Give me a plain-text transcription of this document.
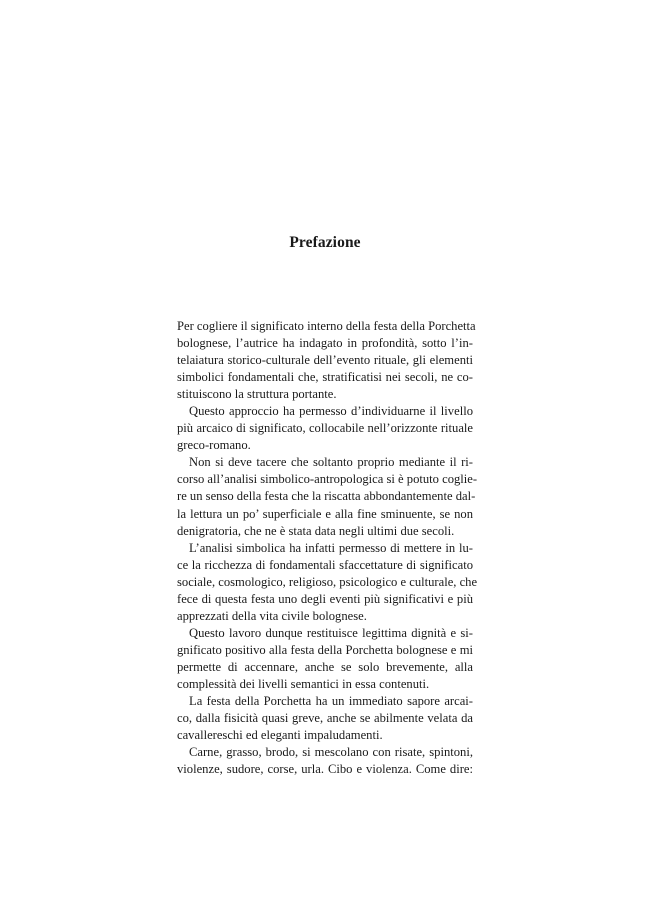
Prefazione
Per cogliere il significato interno della festa della Porchetta
bolognese, l’autrice ha indagato in profondità, sotto l’in-
telaiatura storico-culturale dell’evento rituale, gli elementi
simbolici fondamentali che, stratificatisi nei secoli, ne co-
stituiscono la struttura portante.
Questo approccio ha permesso d’individuarne il livello
più arcaico di significato, collocabile nell’orizzonte rituale
greco-romano.
Non si deve tacere che soltanto proprio mediante il ri-
corso all’analisi simbolico-antropologica si è potuto coglie-
re un senso della festa che la riscatta abbondantemente dal-
la lettura un po’ superficiale e alla fine sminuente, se non
denigratoria, che ne è stata data negli ultimi due secoli.
L’analisi simbolica ha infatti permesso di mettere in lu-
ce la ricchezza di fondamentali sfaccettature di significato
sociale, cosmologico, religioso, psicologico e culturale, che
fece di questa festa uno degli eventi più significativi e più
apprezzati della vita civile bolognese.
Questo lavoro dunque restituisce legittima dignità e si-
gnificato positivo alla festa della Porchetta bolognese e mi
permette di accennare, anche se solo brevemente, alla
complessità dei livelli semantici in essa contenuti.
La festa della Porchetta ha un immediato sapore arcai-
co, dalla fisicità quasi greve, anche se abilmente velata da
cavallereschi ed eleganti impaludamenti.
Carne, grasso, brodo, si mescolano con risate, spintoni,
violenze, sudore, corse, urla. Cibo e violenza. Come dire:
